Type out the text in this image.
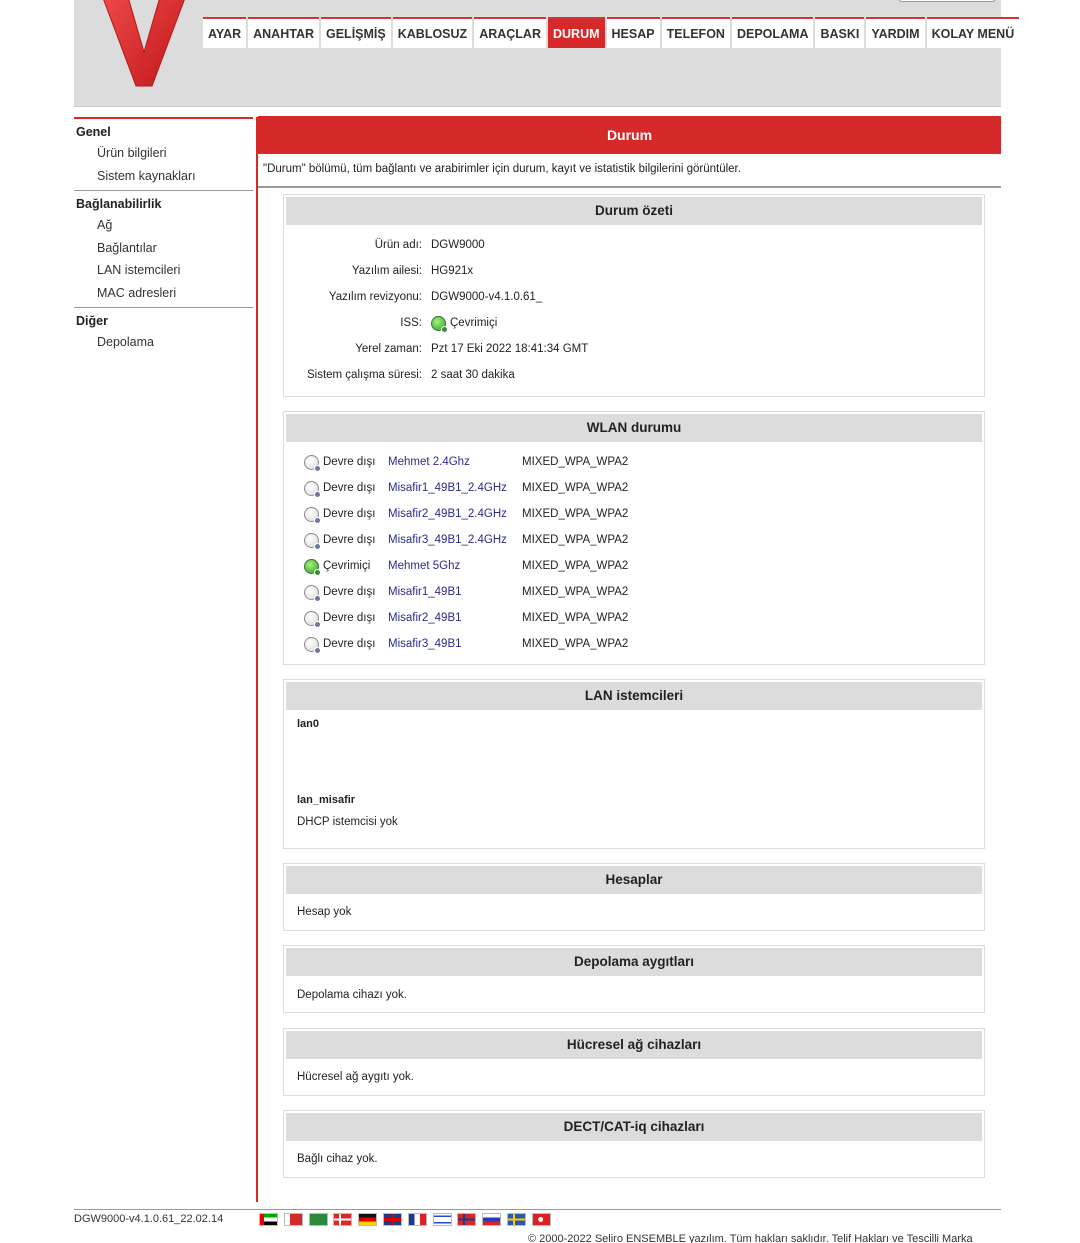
AYAR ANAHTAR GELİŞMİŞ KABLOSUZ ARAÇLAR DURUM HESAP TELEFON DEPOLAMA BASKI YARDIM KOLAY MENÜ
Genel
Ürün bilgileri
Sistem kaynakları
Bağlanabilirlik
Ağ
Bağlantılar
LAN istemcileri
MAC adresleri
Diğer
Depolama
Durum
"Durum" bölümü, tüm bağlantı ve arabirimler için durum, kayıt ve istatistik bilgilerini görüntüler.
Durum özeti
Ürün adı: DGW9000
Yazılım ailesi: HG921x
Yazılım revizyonu: DGW9000-v4.1.0.61_
ISS:	Çevrimiçi
Yerel zaman: Pzt 17 Eki 2022 18:41:34 GMT
Sistem çalışma süresi: 2 saat 30 dakika
WLAN durumu
Devre dışı Mehmet 2.4Ghz	MIXED_WPA_WPA2
Devre dışı Misafir1_49B1_2.4GHz	MIXED_WPA_WPA2
Devre dışı Misafir2_49B1_2.4GHz	MIXED_WPA_WPA2
Devre dışı Misafir3_49B1_2.4GHz	MIXED_WPA_WPA2
Çevrimiçi Mehmet 5Ghz	MIXED_WPA_WPA2
Devre dışı Misafir1_49B1	MIXED_WPA_WPA2
Devre dışı Misafir2_49B1	MIXED_WPA_WPA2
Devre dışı Misafir3_49B1	MIXED_WPA_WPA2
LAN istemcileri
lan0
lan_misafir
DHCP istemcisi yok
Hesaplar
Hesap yok
Depolama aygıtları
Depolama cihazı yok.
Hücresel ağ cihazları
Hücresel ağ aygıtı yok.
DECT/CAT-iq cihazları
Bağlı cihaz yok.
DGW9000-v4.1.0.61_22.02.14
© 2000-2022 Seliro ENSEMBLE yazılım. Tüm hakları saklıdır. Telif Hakları ve Tescilli Marka
